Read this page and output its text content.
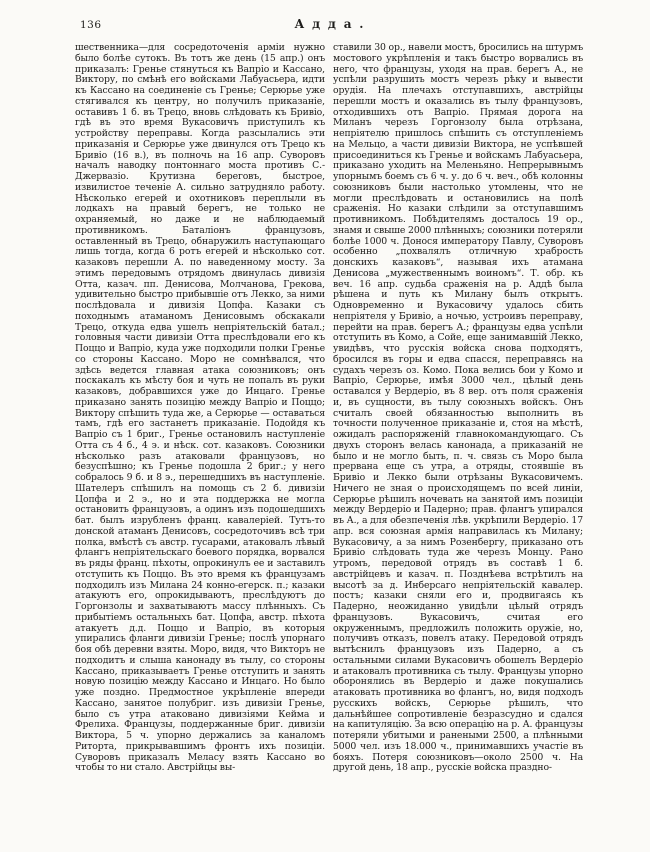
136	Адда.
шественника—для сосредоточенія арміи нужно было болѣе сутокъ. Въ тотъ же день (15 апр.) онъ приказалъ: Гренье стянуться къ Вапріо и Кассано, Виктору, по смѣнѣ его войсками Лабуасьера, идти къ Кассано на соединеніе съ Гренье; Серюрье уже стягивался къ центру, но получилъ приказаніе, оставивъ 1 б. въ Трецо, вновь слѣдовать къ Бривіо, гдѣ въ это время Вукасовичъ приступилъ къ устройству переправы. Когда разсылались эти приказанія и Серюрье уже двинулся отъ Трецо къ Бривіо (16 в.), въ полночь на 16 апр. Суворовъ началъ наводку понтоннаго моста противъ С.-Джервазіо. Крутизна береговъ, быстрое, извилистое теченіе А. сильно затрудняло работу. Нѣсколько егерей и охотниковъ переплыли въ лодкахъ на правый берегъ, не только не охраняемый, но даже и не наблюдаемый противникомъ. Баталіонъ французовъ, оставленный въ Трецо, обнаружилъ наступающаго лишь тогда, когда 6 ротъ егерей и нѣсколько сот. казаковъ перешли А. по наведенному мосту. За этимъ передовымъ отрядомъ двинулась дивизія Отта, казач. пп. Денисова, Молчанова, Грекова, удивительно быстро прибывшіе отъ Лекко, за ними послѣдовала и дивизія Цопфа. Казаки съ походнымъ атаманомъ Денисовымъ обскакали Трецо, откуда едва ушелъ непріятельскій батал.; головныя части дивизіи Отта преслѣдовали его къ Поццо и Вапріо, куда уже подходили полки Гренье со стороны Кассано. Моро не сомнѣвался, что здѣсь ведется главная атака союзниковъ; онъ поскакалъ къ мѣсту боя и чуть не попалъ въ руки казаковъ, добравшихся уже до Инцаго. Гренье приказано занять позицію между Вапріо и Поццо; Виктору спѣшить туда же, а Серюрье — оставаться тамъ, гдѣ его застанетъ приказаніе. Подойдя къ Вапріо съ 1 бриг., Гренье остановилъ наступленіе Отта съ 4 б., 4 э. и нѣск. сот. казаковъ. Союзники нѣсколько разъ атаковали французовъ, но безуспѣшно; къ Гренье подошла 2 бриг.; у него собралось 9 б. и 8 э., перешедшихъ въ наступленіе. Шателеръ спѣшилъ на помощь съ 2 б. дивизіи Цопфа и 2 э., но и эта поддержка не могла остановить французовъ, а одинъ изъ подошедшихъ бат. былъ изрубленъ франц. кавалеріей. Тутъ-то донской атаманъ Денисовъ, сосредоточивъ всѣ три полка, вмѣстѣ съ австр. гусарами, атаковалъ лѣвый флангъ непріятельскаго боевого порядка, ворвался въ ряды франц. пѣхоты, опрокинулъ ее и заставилъ отступить къ Поццо. Въ это время къ французамъ подходилъ изъ Милана 24 конно-егерск. п.; казаки атакуютъ его, опрокидываютъ, преслѣдуютъ до Горгонзолы и захватываютъ массу плѣнныхъ. Съ прибытіемъ остальныхъ бат. Цопфа, австр. пѣхота атакуетъ д.д. Поццо и Вапріо, въ которыя упирались фланги дивизіи Гренье; послѣ упорнаго боя обѣ деревни взяты. Моро, видя, что Викторъ не подходитъ и слыша канонаду въ тылу, со стороны Кассано, приказываетъ Гренье отступить и занять новую позицію между Кассано и Инцаго. Но было уже поздно. Предмостное укрѣпленіе впереди Кассано, занятое полубриг. изъ дивизіи Гренье, было съ утра атаковано дивизіями Кейма и Фрелиха. Французы, поддержанные бриг. дивизіи Виктора, 5 ч. упорно держались за каналомъ Риторта, прикрывавшимъ фронтъ ихъ позиціи. Суворовъ приказалъ Меласу взять Кассано во чтобы то ни стало. Австрійцы вы-
ставили 30 ор., навели мостъ, бросились на штурмъ мостового укрѣпленія и такъ быстро ворвались въ него, что французы, уходя на прав. берегъ А., не успѣли разрушить мостъ черезъ рѣку и вывести орудія. На плечахъ отступавшихъ, австрійцы перешли мостъ и оказались въ тылу французовъ, отходившихъ отъ Вапріо. Прямая дорога на Миланъ черезъ Горгонзолу была отрѣзана, непріятелю пришлось спѣшить съ отступленіемъ на Мельцо, а части дивизіи Виктора, не успѣвшей присоединиться къ Гренье и войскамъ Лабуасьера, приказано уходить на Меленьяно. Непрерывнымъ упорнымъ боемъ съ 6 ч. у. до 6 ч. веч., обѣ колонны союзниковъ были настолько утомлены, что не могли преслѣдовать и остановились на полѣ сраженія. Но казаки слѣдили за отступавшимъ противникомъ. Побѣдителямъ досталось 19 ор., знамя и свыше 2000 плѣнныхъ; союзники потеряли болѣе 1000 ч. Донося императору Павлу, Суворовъ особенно „похвалялъ отличную храбрость донскихъ казаковъ“, называя ихъ атамана Денисова „мужественнымъ воиномъ“. Т. обр. къ веч. 16 апр. судьба сраженія на р. Аддѣ была рѣшена и путь къ Милану былъ открытъ. Одновременно и Вукасовичу удалось сбить непріятеля у Бривіо, а ночью, устроивъ переправу, перейти на прав. берегъ А.; французы едва успѣли отступить въ Комо, а Сойе, еще занимавшій Лекко, увидѣвъ, что русскія войска снова подходятъ, бросился въ горы и едва спасся, переправясь на судахъ черезъ оз. Комо. Пока велись бои у Комо и Вапріо, Серюрье, имѣя 3000 чел., цѣлый день оставался у Вердеріо, въ 8 вер. отъ поля сраженія и, въ сущности, въ тылу союзныхъ войскъ. Онъ считалъ своей обязанностью выполнить въ точности полученное приказаніе и, стоя на мѣстѣ, ожидалъ распоряженій главнокомандующаго. Съ двухъ сторонъ велась канонада, а приказаній не было и не могло быть, п. ч. связь съ Моро была прервана еще съ утра, а отряды, стоявшіе въ Бривіо и Лекко были отрѣзаны Вукасовичемъ. Ничего не зная о происходящемъ по всей линіи, Серюрье рѣшилъ ночевать на занятой имъ позиціи между Вердеріо и Падерно; прав. флангъ упирался въ А., а для обезпеченія лѣв. укрѣпили Вердеріо. 17 апр. вся союзная армія направилась къ Милану; Вукасовичу, а за нимъ Розенбергу, приказано отъ Бривіо слѣдовать туда же черезъ Монцу. Рано утромъ, передовой отрядъ въ составѣ 1 б. австрійцевъ и казач. п. Позднѣева встрѣтилъ на высотѣ за д. Инберсаго непріятельскій кавалер. постъ; казаки сняли его и, продвигаясь къ Падерно, неожиданно увидѣли цѣлый отрядъ французовъ. Вукасовичъ, считая его окруженнымъ, предложилъ положить оружіе, но, получивъ отказъ, повелъ атаку. Передовой отрядъ вытѣснилъ французовъ изъ Падерно, а съ остальными силами Вукасовичъ обошелъ Вердеріо и атаковалъ противника съ тылу. Французы упорно оборонялись въ Вердеріо и даже покушались атаковать противника во флангъ, но, видя подходъ русскихъ войскъ, Серюрье рѣшилъ, что дальнѣйшее сопротивленіе безразсудно и сдался на капитуляцію. За всю операцію на р. А. французы потеряли убитыми и ранеными 2500, а плѣнными 5000 чел. изъ 18.000 ч., принимавшихъ участіе въ бояхъ. Потеря союзниковъ—около 2500 ч. На другой день, 18 апр., русскіе войска праздно-
